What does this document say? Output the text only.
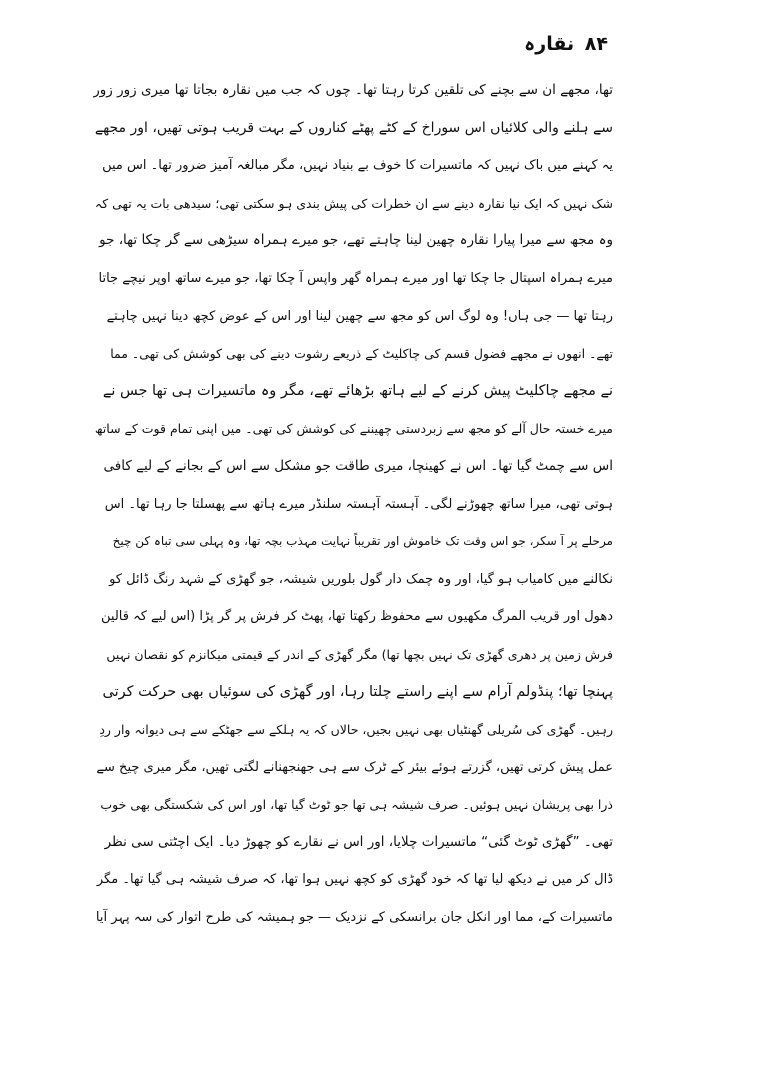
۸۴ نقارہ
تھا، مجھے ان سے بچنے کی تلقین کرتا رہتا تھا۔ چوں کہ جب میں نقارہ بجاتا تھا میری زور زور
سے ہلنے والی کلائیاں اس سوراخ کے کٹے پھٹے کناروں کے بہت قریب ہوتی تھیں، اور مجھے
یہ کہنے میں باک نہیں کہ ماتسیرات کا خوف بے بنیاد نہیں، مگر مبالغہ آمیز ضرور تھا۔ اس میں
شک نہیں کہ ایک نیا نقارہ دینے سے ان خطرات کی پیش بندی ہو سکتی تھی؛ سیدھی بات یہ تھی کہ
وہ مجھ سے میرا پیارا نقارہ چھین لینا چاہتے تھے، جو میرے ہمراہ سیڑھی سے گر چکا تھا، جو
میرے ہمراہ اسپتال جا چکا تھا اور میرے ہمراہ گھر واپس آ چکا تھا، جو میرے ساتھ اوپر نیچے جاتا
رہتا تھا — جی ہاں! وہ لوگ اس کو مجھ سے چھین لینا اور اس کے عوض کچھ دینا نہیں چاہتے
تھے۔ انھوں نے مجھے فضول قسم کی چاکلیٹ کے ذریعے رشوت دینے کی بھی کوشش کی تھی۔ مما
نے مجھے چاکلیٹ پیش کرنے کے لیے ہاتھ بڑھائے تھے، مگر وہ ماتسیرات ہی تھا جس نے
میرے خستہ حال آلے کو مجھ سے زبردستی چھیننے کی کوشش کی تھی۔ میں اپنی تمام قوت کے ساتھ
اس سے چمٹ گیا تھا۔ اس نے کھینچا، میری طاقت جو مشکل سے اس کے بجانے کے لیے کافی
ہوتی تھی، میرا ساتھ چھوڑنے لگی۔ آہستہ آہستہ سلنڈر میرے ہاتھ سے پھسلتا جا رہا تھا۔ اس
مرحلے پر آ سکر، جو اس وقت تک خاموش اور تقریباً نہایت مہذب بچہ تھا، وہ پہلی سی تباہ کن چیخ
نکالنے میں کامیاب ہو گیا، اور وہ چمک دار گول بلوریں شیشہ، جو گھڑی کے شہد رنگ ڈائل کو
دھول اور قریب المرگ مکھیوں سے محفوظ رکھتا تھا، پھٹ کر فرش پر گر پڑا (اس لیے کہ قالین
فرش زمین پر دھری گھڑی تک نہیں بچھا تھا) مگر گھڑی کے اندر کے قیمتی میکانزم کو نقصان نہیں
پہنچا تھا؛ پنڈولم آرام سے اپنے راستے چلتا رہا، اور گھڑی کی سوئیاں بھی حرکت کرتی
رہیں۔ گھڑی کی سُریلی گھنٹیاں بھی نہیں بجیں، حالاں کہ یہ ہلکے سے جھٹکے سے ہی دیوانہ وار ردِ
عمل پیش کرتی تھیں، گزرتے ہوئے بیئر کے ٹرک سے ہی جھنجھنانے لگتی تھیں، مگر میری چیخ سے
ذرا بھی پریشان نہیں ہوئیں۔ صرف شیشہ ہی تھا جو ٹوٹ گیا تھا، اور اس کی شکستگی بھی خوب
تھی۔ ”گھڑی ٹوٹ گئی“ ماتسیرات چلایا، اور اس نے نقارے کو چھوڑ دیا۔ ایک اچٹتی سی نظر
ڈال کر میں نے دیکھ لیا تھا کہ خود گھڑی کو کچھ نہیں ہوا تھا، کہ صرف شیشہ ہی گیا تھا۔ مگر
ماتسیرات کے، مما اور انکل جان برانسکی کے نزدیک — جو ہمیشہ کی طرح اتوار کی سہ پہر آیا
